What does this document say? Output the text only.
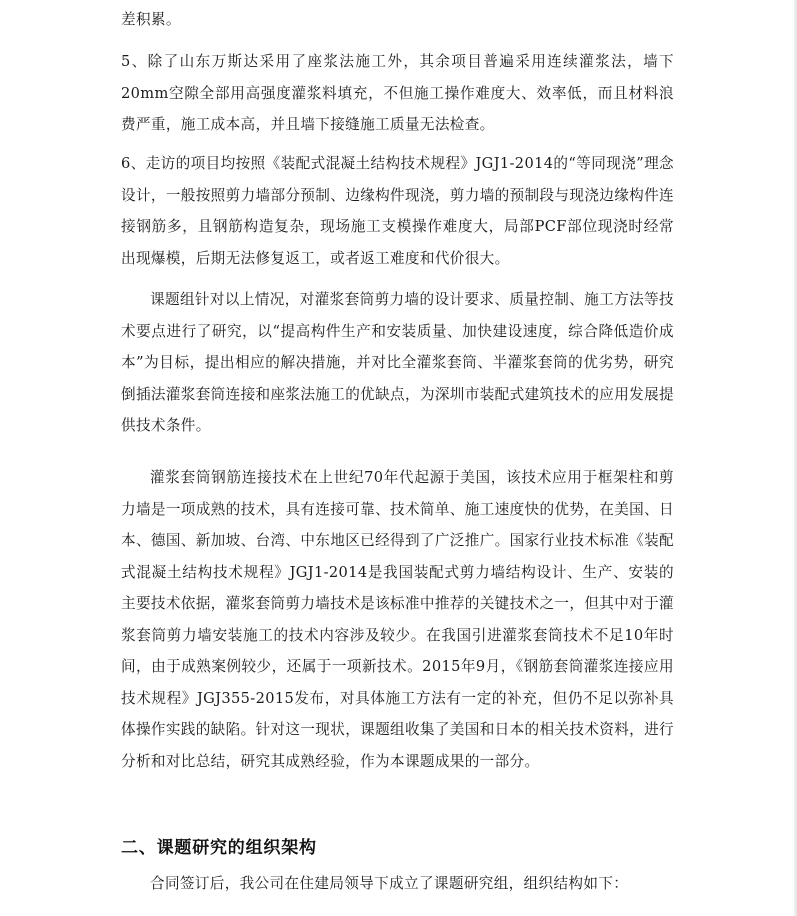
差积累。

5、除了山东万斯达采用了座浆法施工外，其余项目普遍采用连续灌浆法，墙下20mm空隙全部用高强度灌浆料填充，不但施工操作难度大、效率低，而且材料浪费严重，施工成本高，并且墙下接缝施工质量无法检查。

6、走访的项目均按照《装配式混凝土结构技术规程》JGJ1-2014的“等同现浇”理念设计，一般按照剪力墙部分预制、边缘构件现浇，剪力墙的预制段与现浇边缘构件连接钢筋多，且钢筋构造复杂，现场施工支模操作难度大，局部PCF部位现浇时经常出现爆模，后期无法修复返工，或者返工难度和代价很大。

课题组针对以上情况，对灌浆套筒剪力墙的设计要求、质量控制、施工方法等技术要点进行了研究，以“提高构件生产和安装质量、加快建设速度，综合降低造价成本”为目标，提出相应的解决措施，并对比全灌浆套筒、半灌浆套筒的优劣势，研究倒插法灌浆套筒连接和座浆法施工的优缺点，为深圳市装配式建筑技术的应用发展提供技术条件。

灌浆套筒钢筋连接技术在上世纪70年代起源于美国，该技术应用于框架柱和剪力墙是一项成熟的技术，具有连接可靠、技术简单、施工速度快的优势，在美国、日本、德国、新加坡、台湾、中东地区已经得到了广泛推广。国家行业技术标准《装配式混凝土结构技术规程》JGJ1-2014是我国装配式剪力墙结构设计、生产、安装的主要技术依据，灌浆套筒剪力墙技术是该标准中推荐的关键技术之一，但其中对于灌浆套筒剪力墙安装施工的技术内容涉及较少。在我国引进灌浆套筒技术不足10年时间，由于成熟案例较少，还属于一项新技术。2015年9月，《钢筋套筒灌浆连接应用技术规程》JGJ355-2015发布，对具体施工方法有一定的补充，但仍不足以弥补具体操作实践的缺陷。针对这一现状，课题组收集了美国和日本的相关技术资料，进行分析和对比总结，研究其成熟经验，作为本课题成果的一部分。

二、课题研究的组织架构

合同签订后，我公司在住建局领导下成立了课题研究组，组织结构如下：
